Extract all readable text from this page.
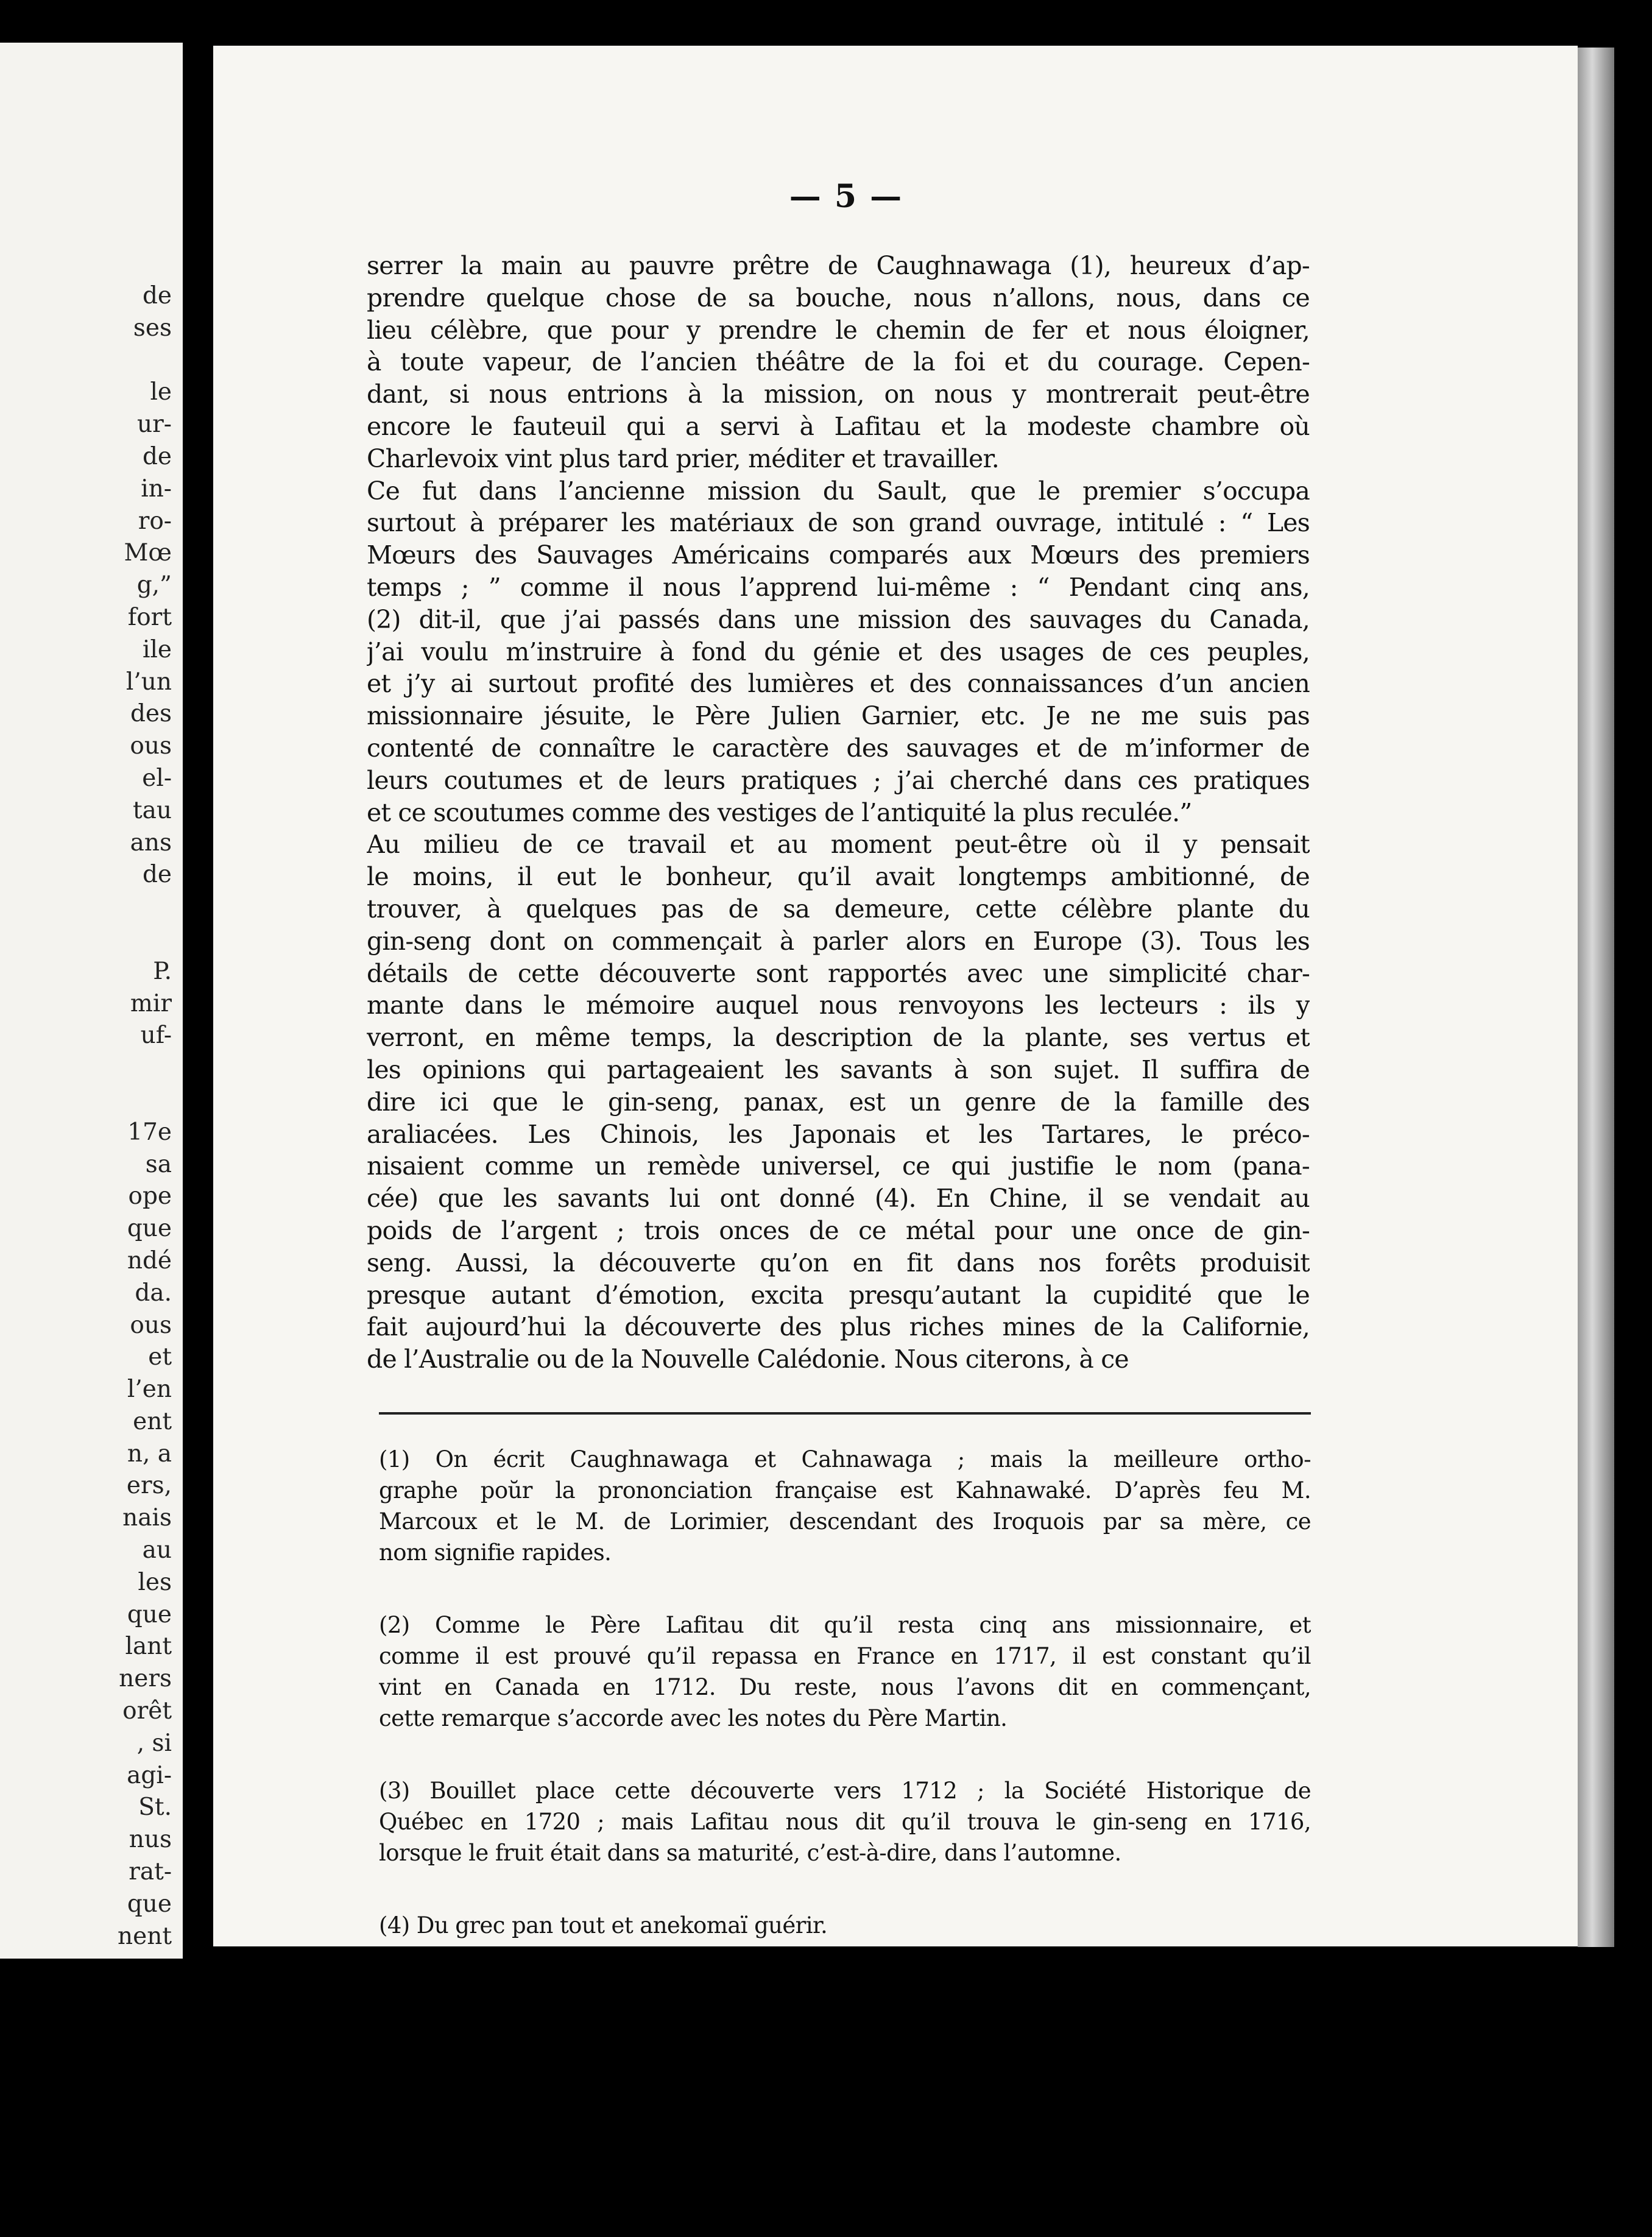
de
ses
le
ur-
de
in-
ro-
Mœ
g,”
fort
ile
l’un
des
ous
el-
tau
ans
de
P.
mir
uf-
17e
sa
ope
que
ndé
da.
ous
et
l’en
ent
n, a
ers,
nais
au
les
que
lant
ners
orêt
, si
agi-
St.
nus
rat-
que
nent
— 5 —
serrer la main au pauvre prêtre de Caughnawaga (1), heureux d’ap-
prendre quelque chose de sa bouche, nous n’allons, nous, dans ce
lieu célèbre, que pour y prendre le chemin de fer et nous éloigner,
à toute vapeur, de l’ancien théâtre de la foi et du courage. Cepen-
dant, si nous entrions à la mission, on nous y montrerait peut-être
encore le fauteuil qui a servi à Lafitau et la modeste chambre où
Charlevoix vint plus tard prier, méditer et travailler.
Ce fut dans l’ancienne mission du Sault, que le premier s’occupa
surtout à préparer les matériaux de son grand ouvrage, intitulé : “ Les
Mœurs des Sauvages Américains comparés aux Mœurs des premiers
temps ; ” comme il nous l’apprend lui-même : “ Pendant cinq ans,
(2) dit-il, que j’ai passés dans une mission des sauvages du Canada,
j’ai voulu m’instruire à fond du génie et des usages de ces peuples,
et j’y ai surtout profité des lumières et des connaissances d’un ancien
missionnaire jésuite, le Père Julien Garnier, etc. Je ne me suis pas
contenté de connaître le caractère des sauvages et de m’informer de
leurs coutumes et de leurs pratiques ; j’ai cherché dans ces pratiques
et ce scoutumes comme des vestiges de l’antiquité la plus reculée.”
Au milieu de ce travail et au moment peut-être où il y pensait
le moins, il eut le bonheur, qu’il avait longtemps ambitionné, de
trouver, à quelques pas de sa demeure, cette célèbre plante du
gin-seng dont on commençait à parler alors en Europe (3). Tous les
détails de cette découverte sont rapportés avec une simplicité char-
mante dans le mémoire auquel nous renvoyons les lecteurs : ils y
verront, en même temps, la description de la plante, ses vertus et
les opinions qui partageaient les savants à son sujet. Il suffira de
dire ici que le gin-seng, panax, est un genre de la famille des
araliacées. Les Chinois, les Japonais et les Tartares, le préco-
nisaient comme un remède universel, ce qui justifie le nom (pana-
cée) que les savants lui ont donné (4). En Chine, il se vendait au
poids de l’argent ; trois onces de ce métal pour une once de gin-
seng. Aussi, la découverte qu’on en fit dans nos forêts produisit
presque autant d’émotion, excita presqu’autant la cupidité que le
fait aujourd’hui la découverte des plus riches mines de la Californie,
de l’Australie ou de la Nouvelle Calédonie. Nous citerons, à ce
(1) On écrit Caughnawaga et Cahnawaga ; mais la meilleure ortho-
graphe poŭr la prononciation française est Kahnawaké. D’après feu M.
Marcoux et le M. de Lorimier, descendant des Iroquois par sa mère, ce
nom signifie rapides.
(2) Comme le Père Lafitau dit qu’il resta cinq ans missionnaire, et
comme il est prouvé qu’il repassa en France en 1717, il est constant qu’il
vint en Canada en 1712. Du reste, nous l’avons dit en commençant,
cette remarque s’accorde avec les notes du Père Martin.
(3) Bouillet place cette découverte vers 1712 ; la Société Historique de
Québec en 1720 ; mais Lafitau nous dit qu’il trouva le gin-seng en 1716,
lorsque le fruit était dans sa maturité, c’est-à-dire, dans l’automne.
(4) Du grec pan tout et anekomaï guérir.
